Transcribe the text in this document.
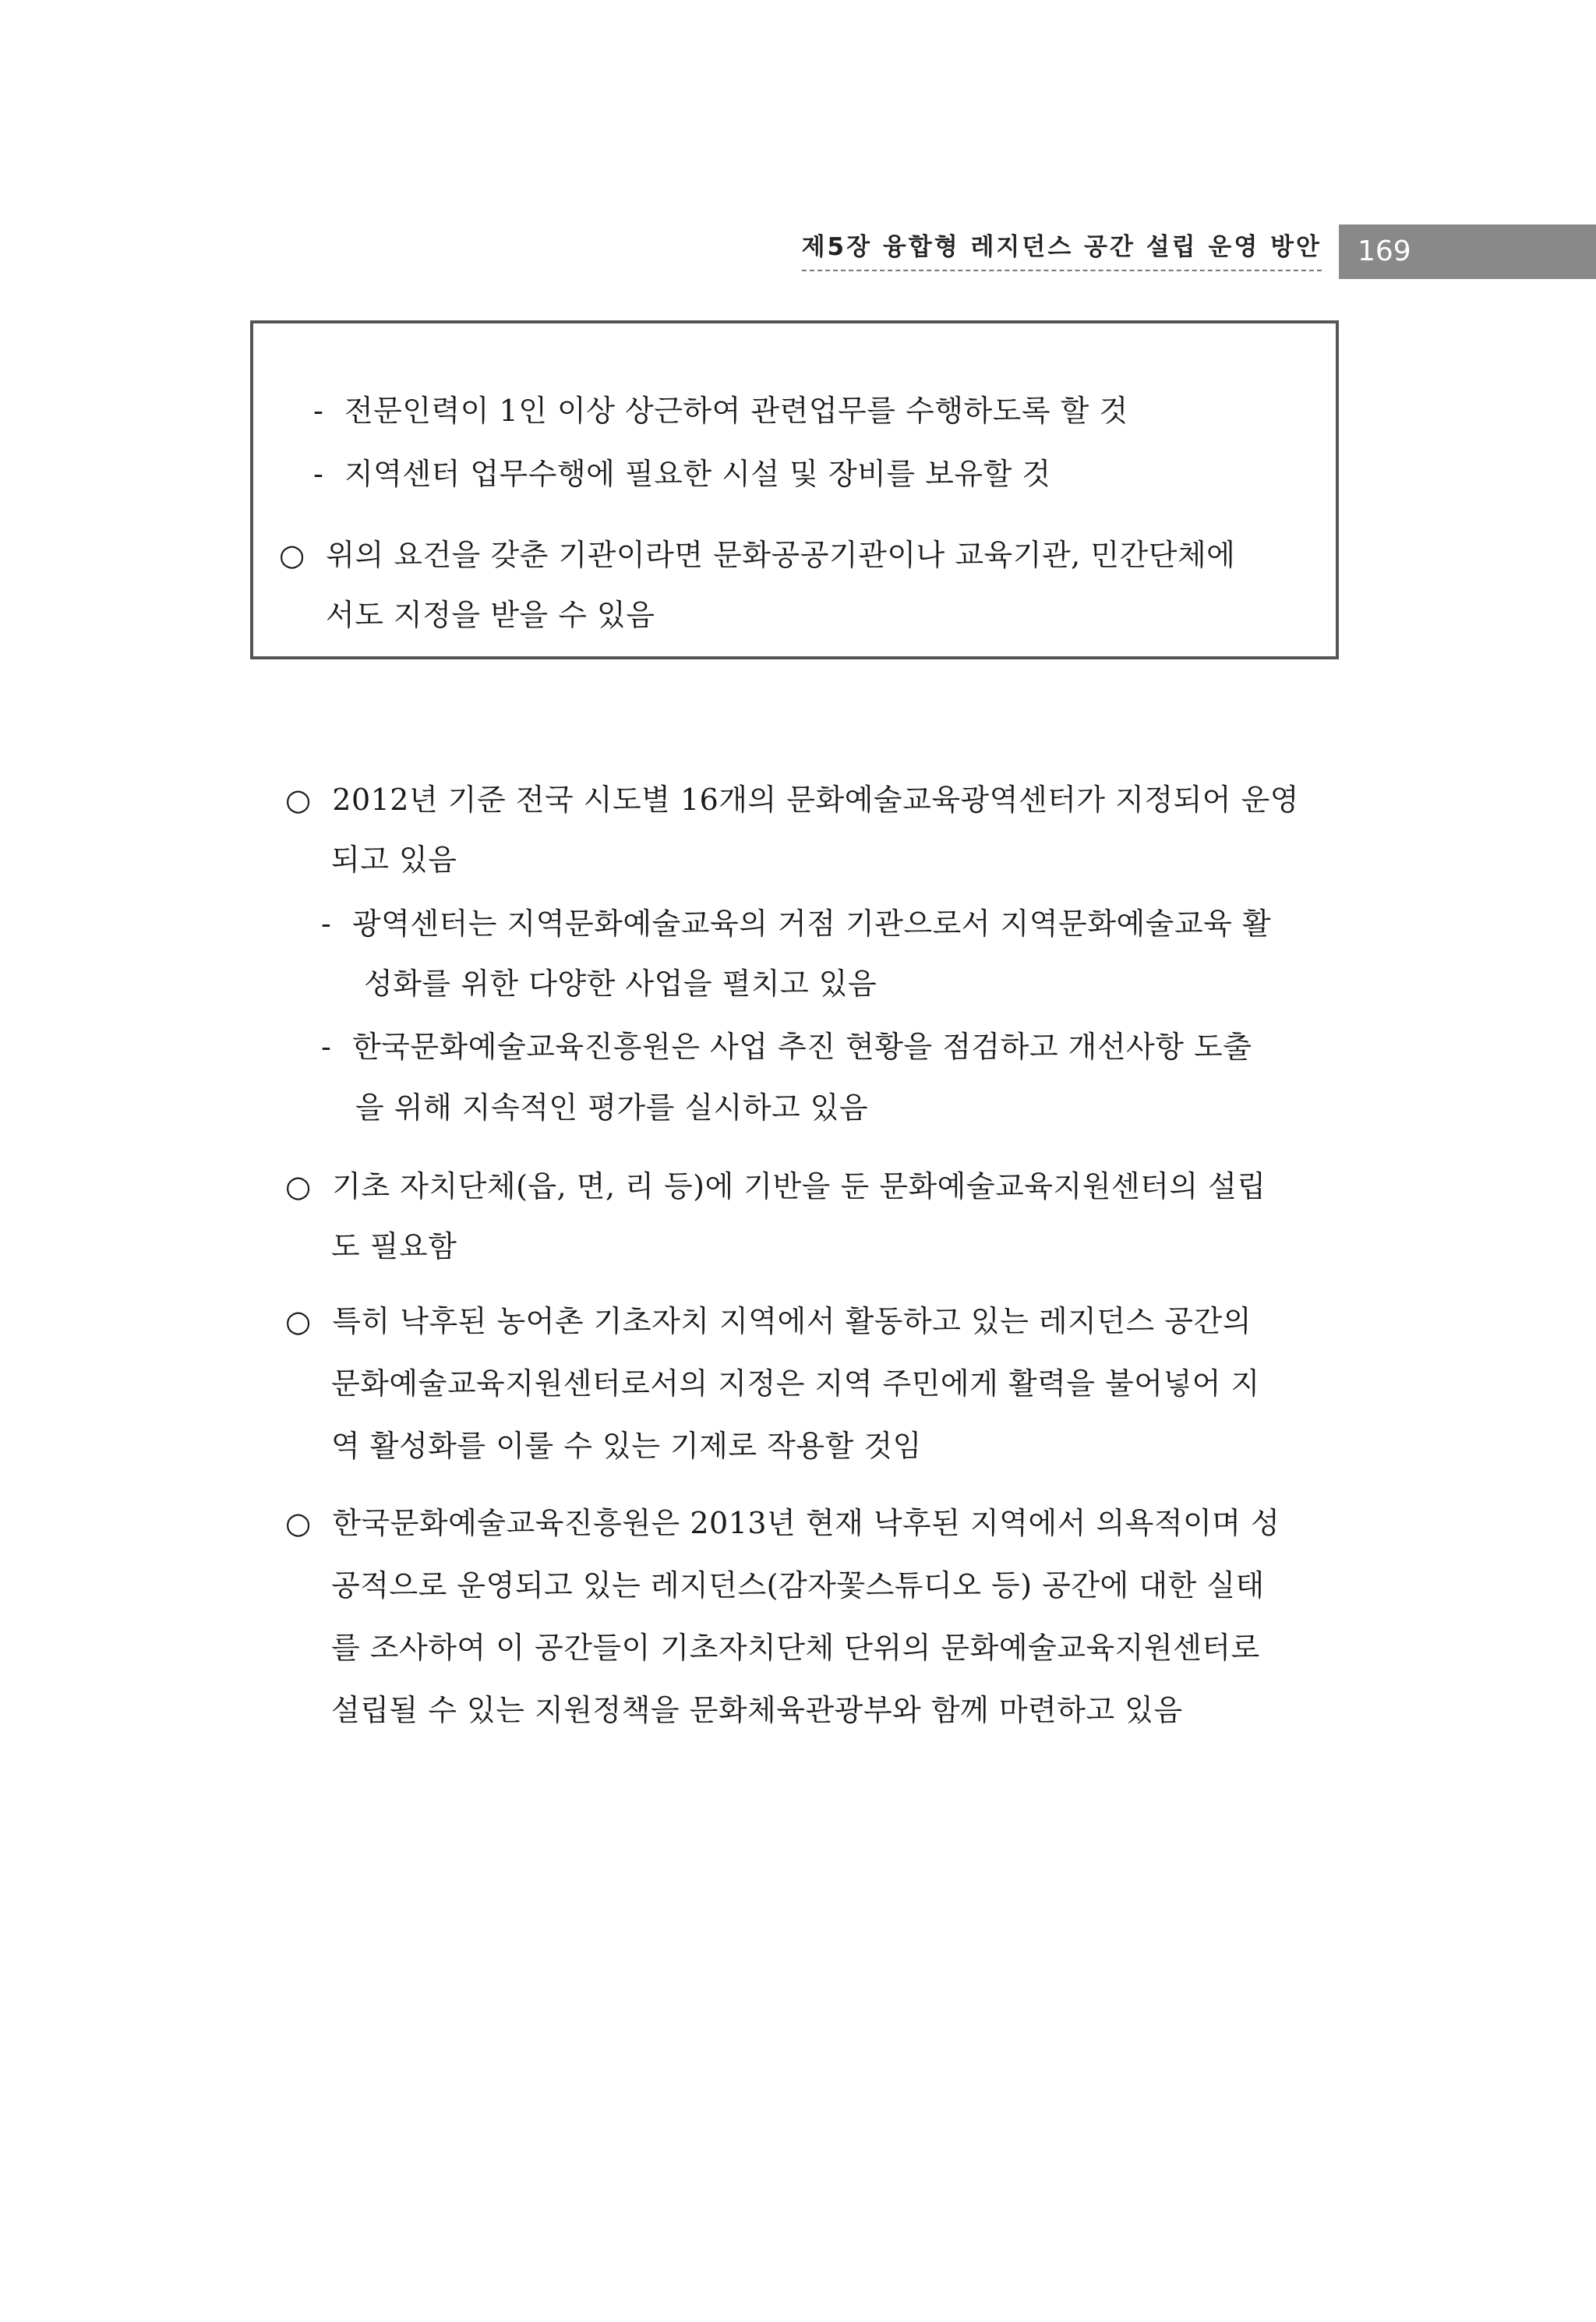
제5장 융합형 레지던스 공간 설립 운영 방안	169
- 전문인력이 1인 이상 상근하여 관련업무를 수행하도록 할 것
- 지역센터 업무수행에 필요한 시설 및 장비를 보유할 것
○ 위의 요건을 갖춘 기관이라면 문화공공기관이나 교육기관, 민간단체에
서도 지정을 받을 수 있음
○ 2012년 기준 전국 시도별 16개의 문화예술교육광역센터가 지정되어 운영
되고 있음
- 광역센터는 지역문화예술교육의 거점 기관으로서 지역문화예술교육 활
성화를 위한 다양한 사업을 펼치고 있음
- 한국문화예술교육진흥원은 사업 추진 현황을 점검하고 개선사항 도출
을 위해 지속적인 평가를 실시하고 있음
○ 기초 자치단체(읍, 면, 리 등)에 기반을 둔 문화예술교육지원센터의 설립
도 필요함
○ 특히 낙후된 농어촌 기초자치 지역에서 활동하고 있는 레지던스 공간의
문화예술교육지원센터로서의 지정은 지역 주민에게 활력을 불어넣어 지
역 활성화를 이룰 수 있는 기제로 작용할 것임
○ 한국문화예술교육진흥원은 2013년 현재 낙후된 지역에서 의욕적이며 성
공적으로 운영되고 있는 레지던스(감자꽃스튜디오 등) 공간에 대한 실태
를 조사하여 이 공간들이 기초자치단체 단위의 문화예술교육지원센터로
설립될 수 있는 지원정책을 문화체육관광부와 함께 마련하고 있음
